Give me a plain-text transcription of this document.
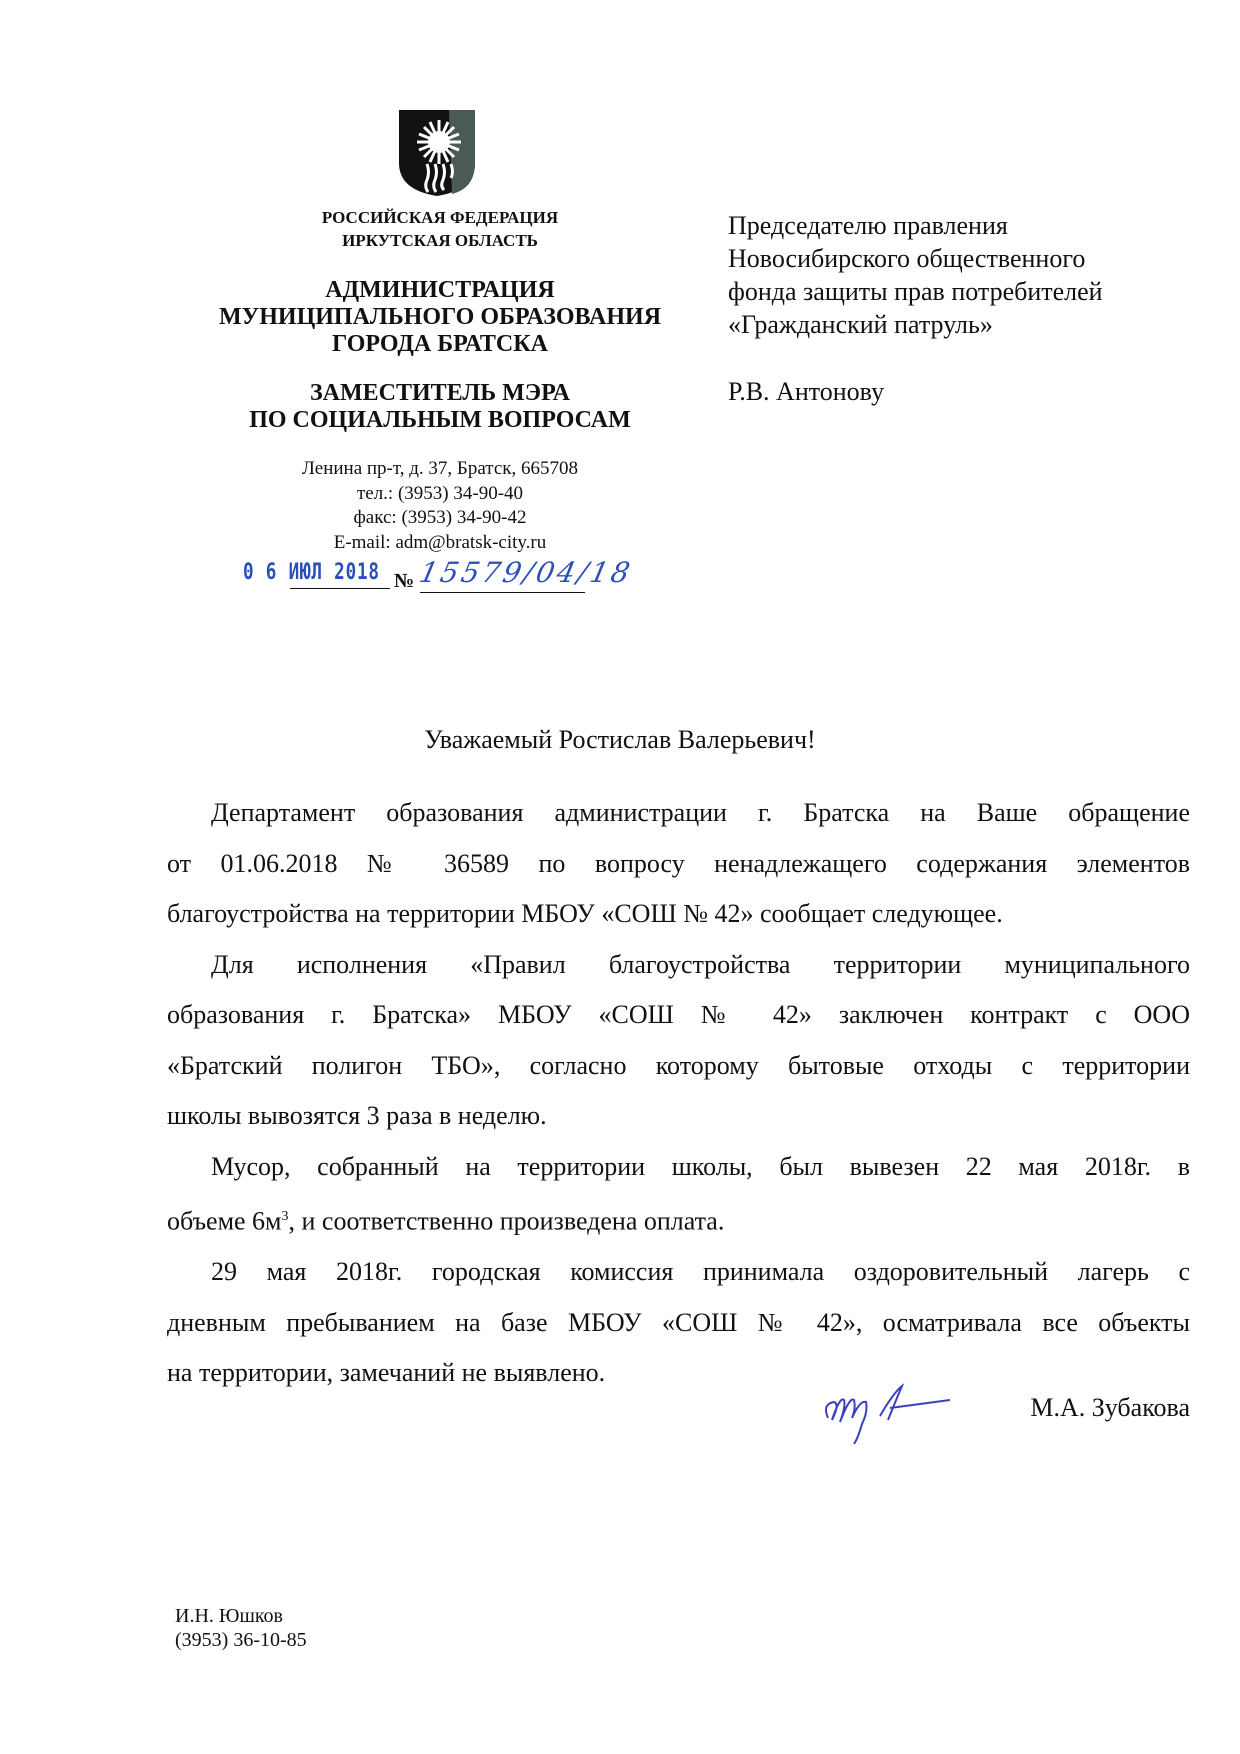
РОССИЙСКАЯ ФЕДЕРАЦИЯ
ИРКУТСКАЯ ОБЛАСТЬ
АДМИНИСТРАЦИЯ
МУНИЦИПАЛЬНОГО ОБРАЗОВАНИЯ
ГОРОДА БРАТСКА
ЗАМЕСТИТЕЛЬ МЭРА
ПО СОЦИАЛЬНЫМ ВОПРОСАМ
Ленина пр-т, д. 37, Братск, 665708
тел.: (3953) 34-90-40
факс: (3953) 34-90-42
E-mail: adm@bratsk-city.ru
0 6 ИЮЛ 2018 № 15579/04/18
Председателю правления
Новосибирского общественного
фонда защиты прав потребителей
«Гражданский патруль»
Р.В. Антонову
Уважаемый Ростислав Валерьевич!
Департамент образования администрации г. Братска на Ваше обращение
от 01.06.2018 № 36589 по вопросу ненадлежащего содержания элементов
благоустройства на территории МБОУ «СОШ № 42» сообщает следующее.
Для исполнения «Правил благоустройства территории муниципального
образования г. Братска» МБОУ «СОШ № 42» заключен контракт с ООО
«Братский полигон ТБО», согласно которому бытовые отходы с территории
школы вывозятся 3 раза в неделю.
Мусор, собранный на территории школы, был вывезен 22 мая 2018г. в
объеме $6м^3$, и соответственно произведена оплата.
29 мая 2018г. городская комиссия принимала оздоровительный лагерь с
дневным пребыванием на базе МБОУ «СОШ № 42», осматривала все объекты
на территории, замечаний не выявлено.
М.А. Зубакова
И.Н. Юшков
(3953) 36-10-85
